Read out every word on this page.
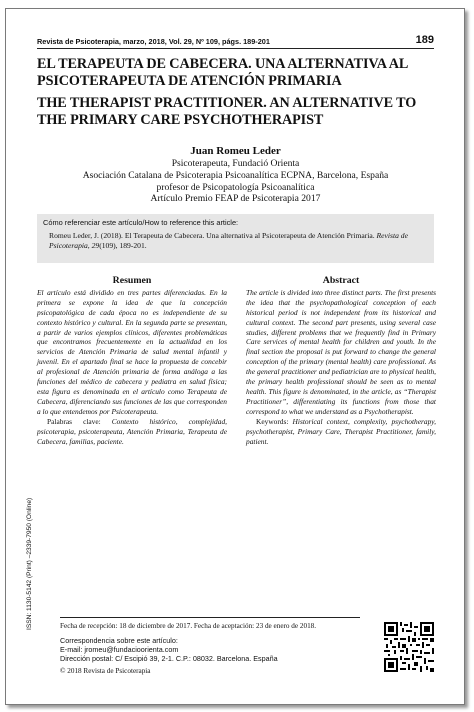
Revista de Psicoterapia, marzo, 2018, Vol. 29, Nº 109, págs. 189-201	189

EL TERAPEUTA DE CABECERA. UNA ALTERNATIVA AL PSICOTERAPEUTA DE ATENCIÓN PRIMARIA

THE THERAPIST PRACTITIONER. AN ALTERNATIVE TO THE PRIMARY CARE PSYCHOTHERAPIST

Juan Romeu Leder
Psicoterapeuta, Fundació Orienta
Asociación Catalana de Psicoterapia Psicoanalítica ECPNA, Barcelona, España
profesor de Psicopatología Psicoanalítica
Artículo Premio FEAP de Psicoterapia 2017
Cómo referenciar este artículo/How to reference this article:
Romeu Leder, J. (2018). El Terapeuta de Cabecera. Una alternativa al Psicoterapeuta de Atención Primaria. Revista de Psicoterapia, 29(109), 189-201.
Resumen
El artículo está dividido en tres partes diferenciadas. En la primera se expone la idea de que la concepción psicopatológica de cada época no es independiente de su contexto histórico y cultural. En la segunda parte se presentan, a partir de varios ejemplos clínicos, diferentes problemáticas que encontramos frecuentemente en la actualidad en los servicios de Atención Primaria de salud mental infantil y juvenil. En el apartado final se hace la propuesta de concebir al profesional de Atención primaria de forma análoga a las funciones del médico de cabecera y pediatra en salud física; esta figura es denominada en el artículo como Terapeuta de Cabecera, diferenciando sus funciones de las que corresponden a lo que entendemos por Psicoterapeuta.
Palabras clave: Contexto histórico, complejidad, psicoterapia, psicoterapeuta, Atención Primaria, Terapeuta de Cabecera, familias, paciente.
Abstract
The article is divided into three distinct parts. The first presents the idea that the psychopathological conception of each historical period is not independent from its historical and cultural context. The second part presents, using several case studies, different problems that we frequently find in Primary Care services of mental health for children and youth. In the final section the proposal is put forward to change the general conception of the primary (mental health) care professional. As the general practitioner and pediatrician are to physical health, the primary health professional should be seen as to mental health. This figure is denominated, in the article, as “Therapist Practitioner”, differentiating its functions from those that correspond to what we understand as a Psychotherapist.
Keywords: Historical context, complexity, psychotherapy, psychotherapist, Primary Care, Therapist Practitioner, family, patient.
ISSN: 1130-5142 (Print) –2339-7950 (Online)	Fecha de recepción: 18 de diciembre de 2017. Fecha de aceptación: 23 de enero de 2018.
Correspondencia sobre este artículo:
E-mail: jromeu@fundacioorienta.com
Dirección postal: C/ Escipió 39, 2-1. C.P.: 08032. Barcelona. España
© 2018 Revista de Psicoterapia
